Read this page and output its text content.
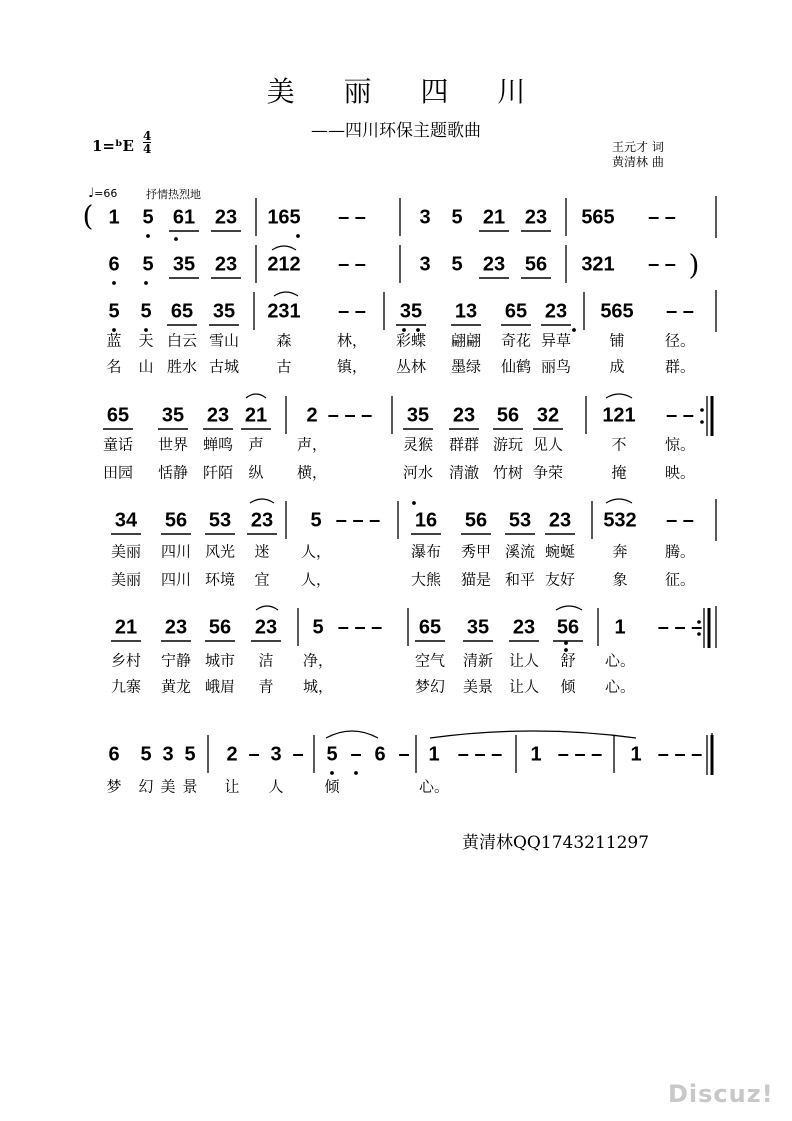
美 丽 四 川
——四川环保主题歌曲
1=ᵇE
4
4	王元才 词
黄清林 曲
♩=66	抒情热烈地
1 5 61 23 165 – –	3 5 21 23 565 – –
6 5 35 23 212 – –	3 5 23 56 321 – –
5 5 65 35 231 – – 35 13 65 23 565 – –
蓝 天 白云 雪山 森	林， 彩蝶 翩翩 奇花 异草	铺	径。
名 山 胜水 古城 古	镇， 丛林 墨绿 仙鹤 丽鸟	成	群。
65 35 23 21 2 – – – 35 23 56 32 121 – –
童话 世界 蝉鸣 声 声，	灵猴 群群 游玩 见人	不	惊。
田园 恬静 阡陌 纵 横，	河水 清澈 竹树 争荣	掩	映。
34 56 53 23 5 – – – 16 56 53 23 532 – –
美丽 四川 风光 迷 人，	瀑布 秀甲 溪流 蜿蜒 奔 腾。
美丽 四川 环境 宜 人，	大熊 猫是 和平 友好 象 征。
21 23 56 23 5 – – – 65 35 23 56 1 – – –
乡村 宁静 城市 洁 净，	空气 清新 让人 舒 心。
九寨 黄龙 峨眉 青 城，	梦幻 美景 让人 倾 心。
6 5 3 5 2 – 3 – 5 – 6 – 1 – – – 1 – – – 1 – – –
梦 幻 美 景 让 人	倾	心。
(
)
黄清林QQ1743211297
Discuz!
